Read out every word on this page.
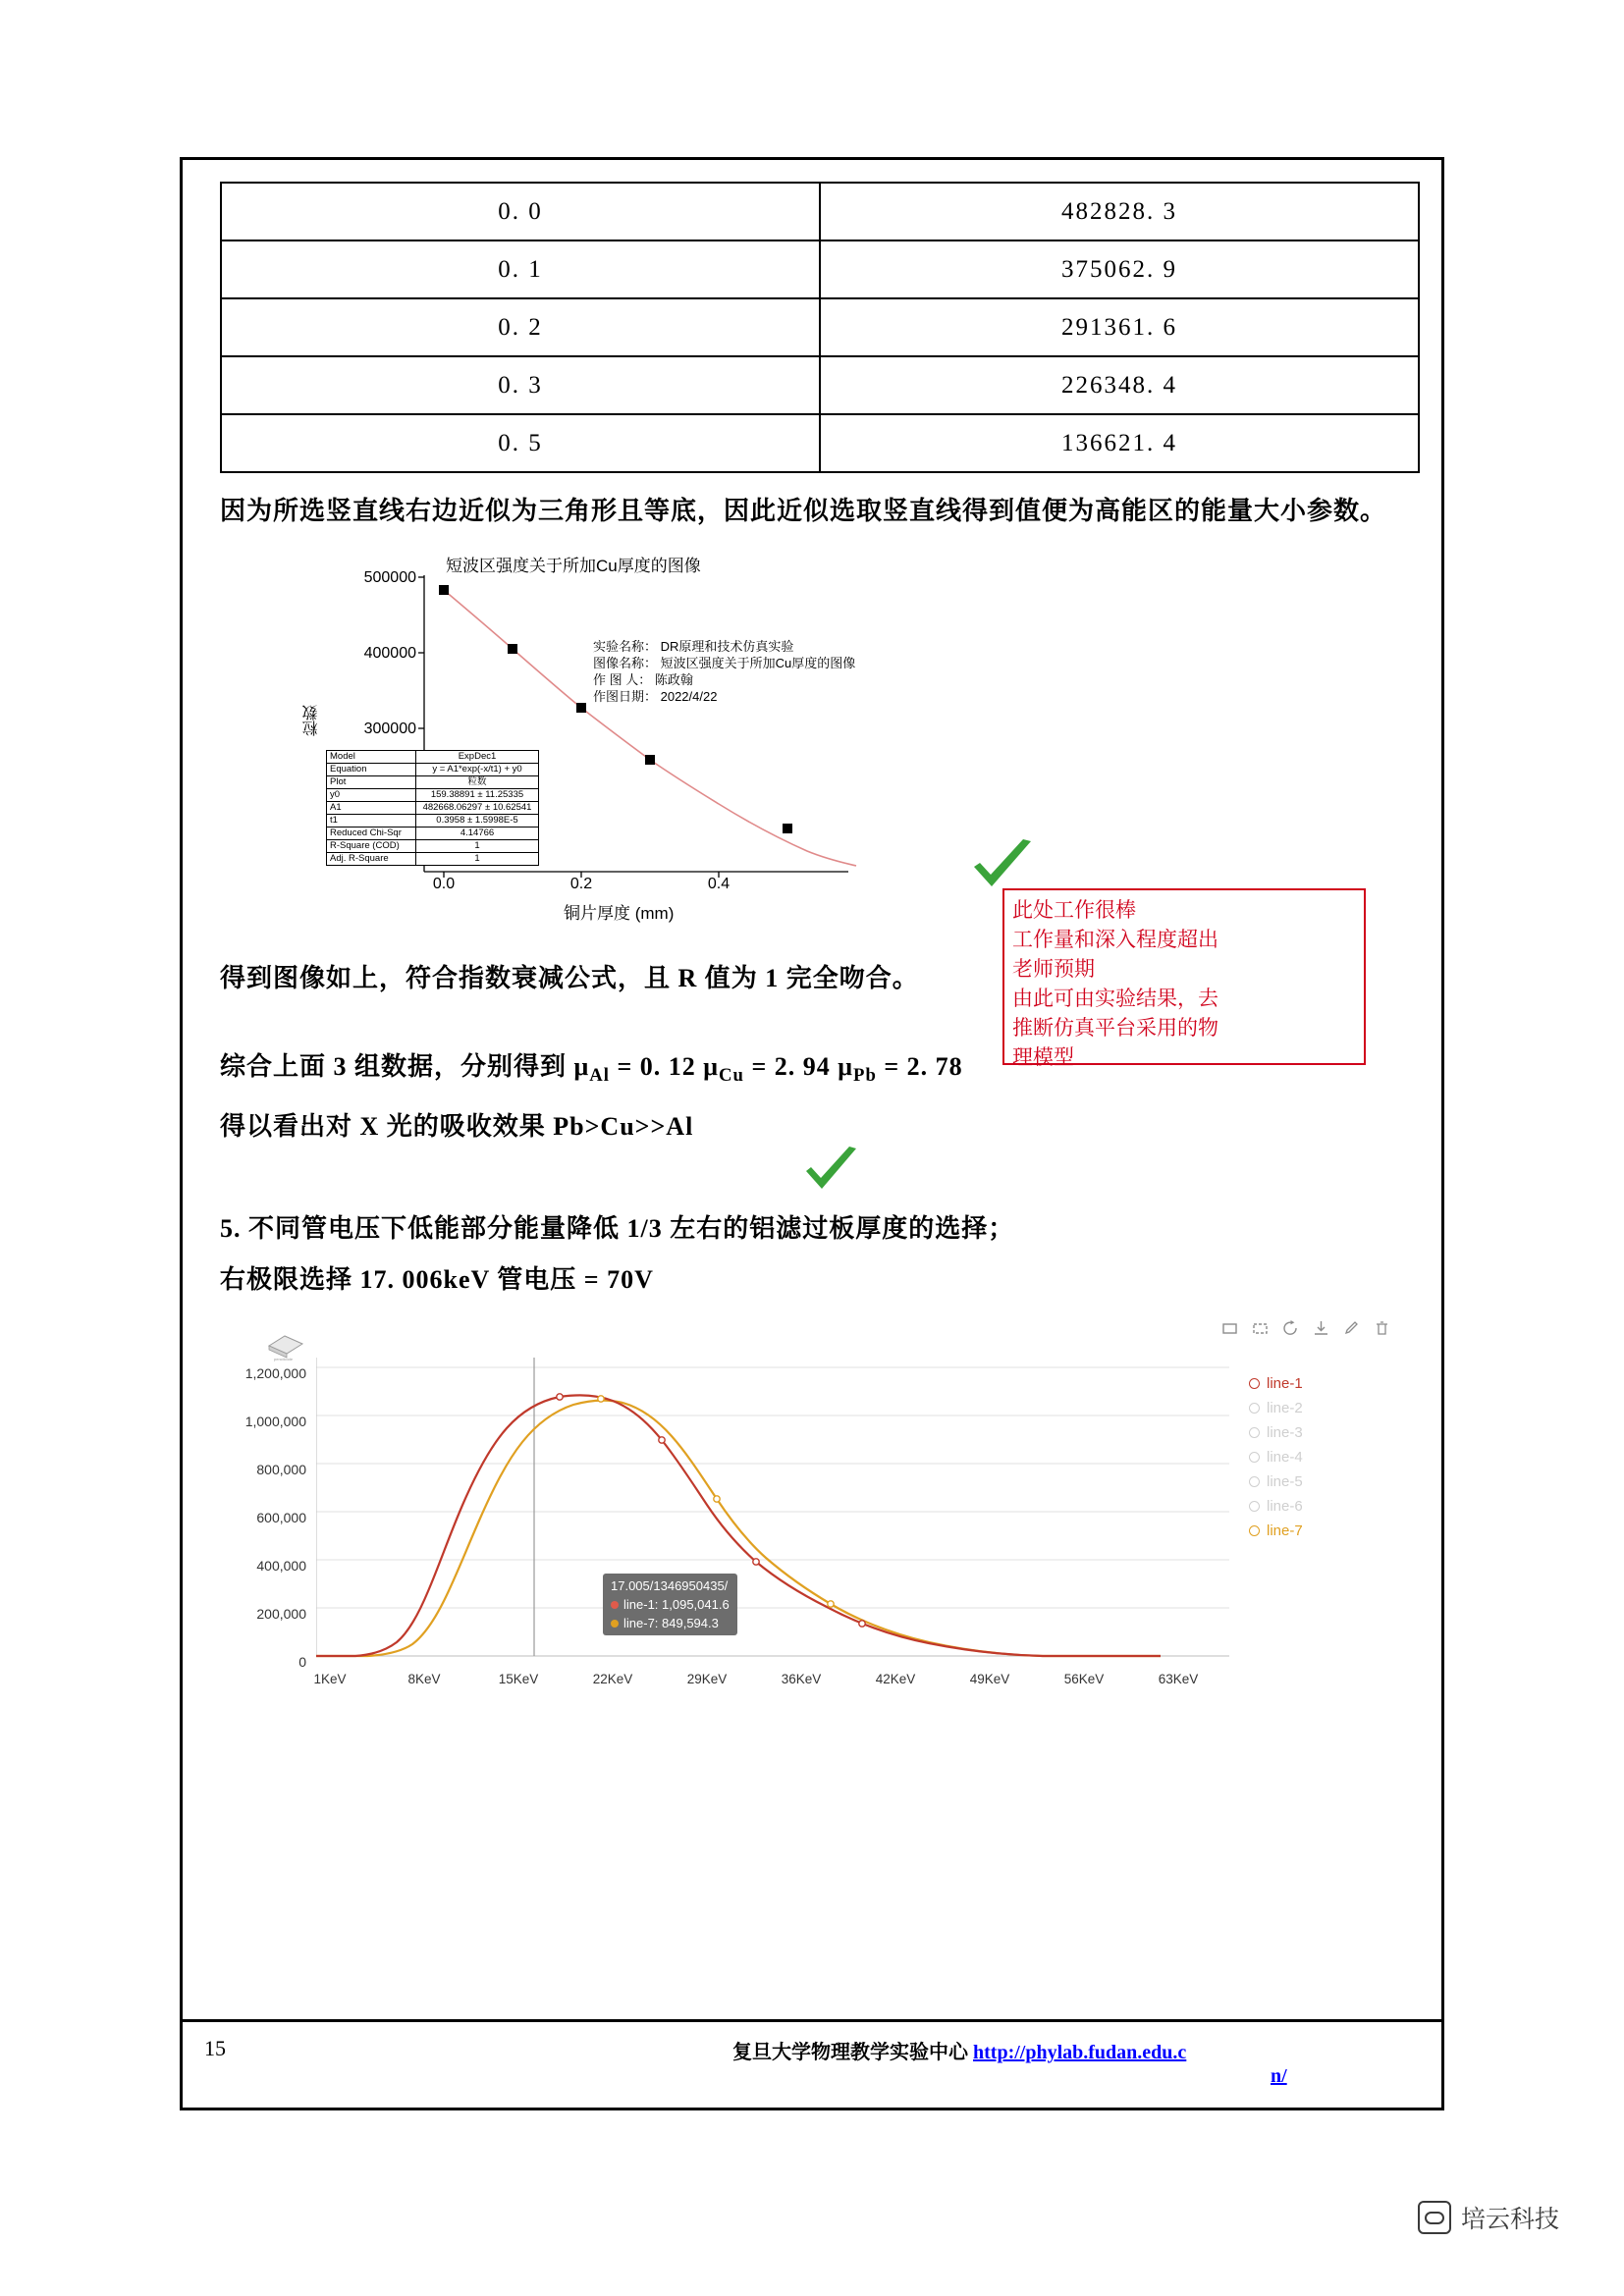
0. 0	482828. 3
0. 1	375062. 9
0. 2	291361. 6
0. 3	226348. 4
0. 5	136621. 4
因为所选竖直线右边近似为三角形且等底，因此近似选取竖直线得到值便为高能区的能量大小参数。
短波区强度关于所加Cu厚度的图像
粒数
500000
400000
300000
0.0	0.2	0.4
铜片厚度 (mm)
实验名称： DR原理和技术仿真实验
图像名称： 短波区强度关于所加Cu厚度的图像
作 图 人： 陈政翰
作图日期： 2022/4/22
Model	ExpDec1
Equation	y = A1*exp(-x/t1) + y0
Plot	粒数
y0	159.38891 ± 11.25335
A1	482668.06297 ± 10.62541
t1	0.3958 ± 1.5998E-5
Reduced Chi-Sqr	4.14766
R-Square (COD)	1
Adj. R-Square	1
得到图像如上，符合指数衰减公式，且 R 值为 1 完全吻合。
综合上面 3 组数据，分别得到 $\mu_{Al} = 0$. 12 $\mu_{Cu} = 2$. 94 $\mu_{Pb} = 2$. 78
得以看出对 X 光的吸收效果 Pb>Cu>>Al
5. 不同管电压下低能部分能量降低 1/3 左右的铝滤过板厚度的选择；
右极限选择 17. 006keV 管电压 = 70V
pencilcode
0
200,000
400,000
600,000
800,000
1,000,000
1,200,000
17.005/1346950435/
line-1: 1,095,041.6
line-7: 849,594.3
1KeV	8KeV	15KeV	22KeV	29KeV	36KeV	42KeV	49KeV	56KeV	63KeV
line-1
line-2
line-3
line-4
line-5
line-6
line-7
此处工作很棒
工作量和深入程度超出
老师预期
由此可由实验结果，去
推断仿真平台采用的物
理模型
15	复旦大学物理教学实验中心 http://phylab.fudan.edu.c
n/
培云科技
